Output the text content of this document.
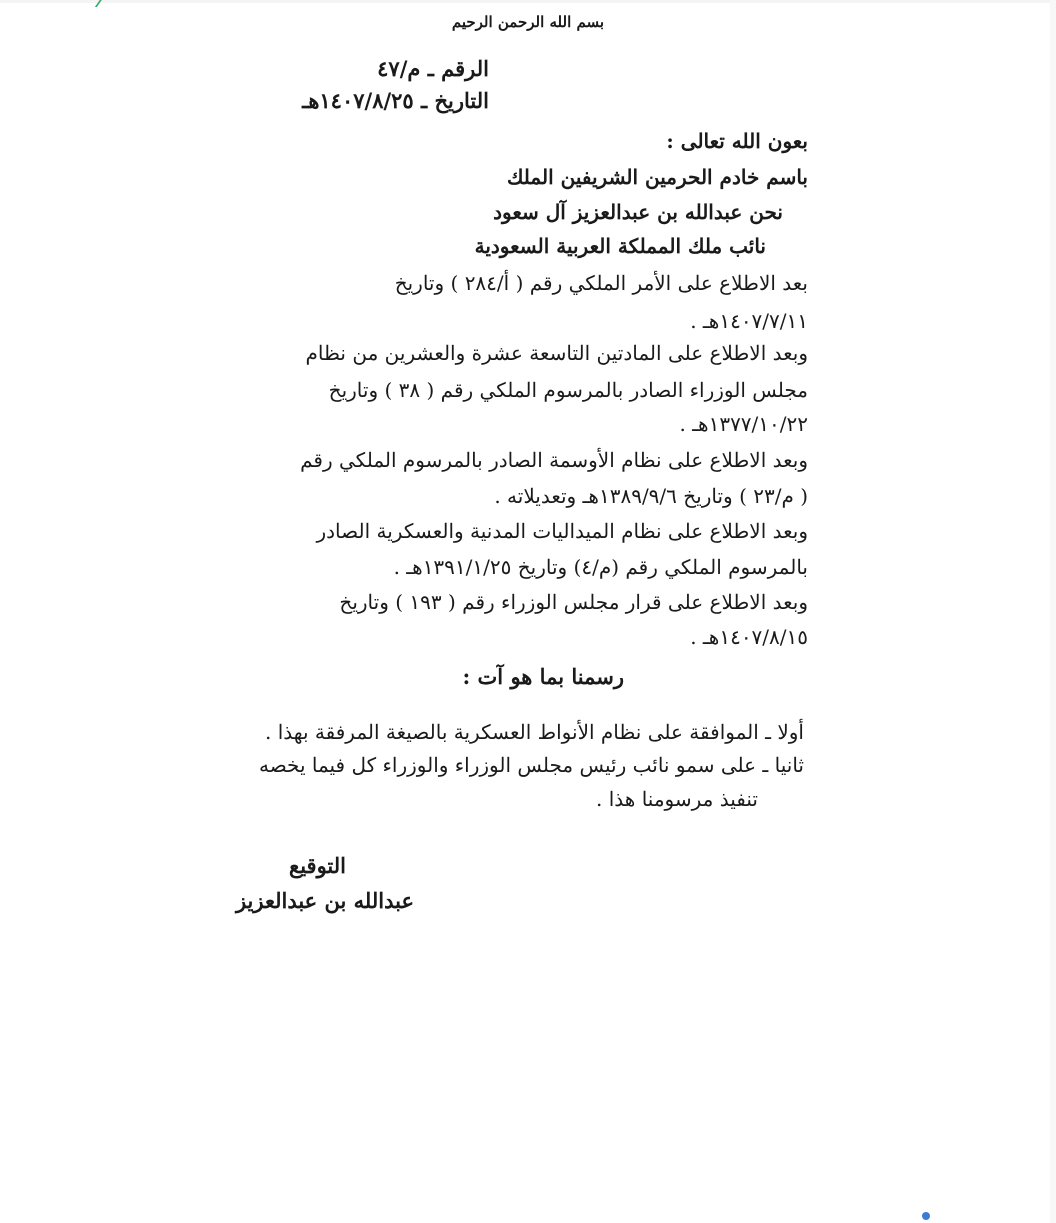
بسم الله الرحمن الرحيم
الرقم ـ م/٤٧
التاريخ ـ ١٤٠٧/٨/٢٥هـ
بعون الله تعالى :
باسم خادم الحرمين الشريفين الملك
نحن عبدالله بن عبدالعزيز آل سعود
نائب ملك المملكة العربية السعودية
بعد الاطلاع على الأمر الملكي رقم ( أ/٢٨٤ ) وتاريخ
١٤٠٧/٧/١١هـ .
وبعد الاطلاع على المادتين التاسعة عشرة والعشرين من نظام
مجلس الوزراء الصادر بالمرسوم الملكي رقم ( ٣٨ ) وتاريخ
١٣٧٧/١٠/٢٢هـ .
وبعد الاطلاع على نظام الأوسمة الصادر بالمرسوم الملكي رقم
( م/٢٣ ) وتاريخ ١٣٨٩/٩/٦هـ وتعديلاته .
وبعد الاطلاع على نظام الميداليات المدنية والعسكرية الصادر
بالمرسوم الملكي رقم (م/٤) وتاريخ ١٣٩١/١/٢٥هـ .
وبعد الاطلاع على قرار مجلس الوزراء رقم ( ١٩٣ ) وتاريخ
١٤٠٧/٨/١٥هـ .
رسمنا بما هو آت :
أولا ـ الموافقة على نظام الأنواط العسكرية بالصيغة المرفقة بهذا .
ثانيا ـ على سمو نائب رئيس مجلس الوزراء والوزراء كل فيما يخصه
تنفيذ مرسومنا هذا .
التوقيع
عبدالله بن عبدالعزيز
